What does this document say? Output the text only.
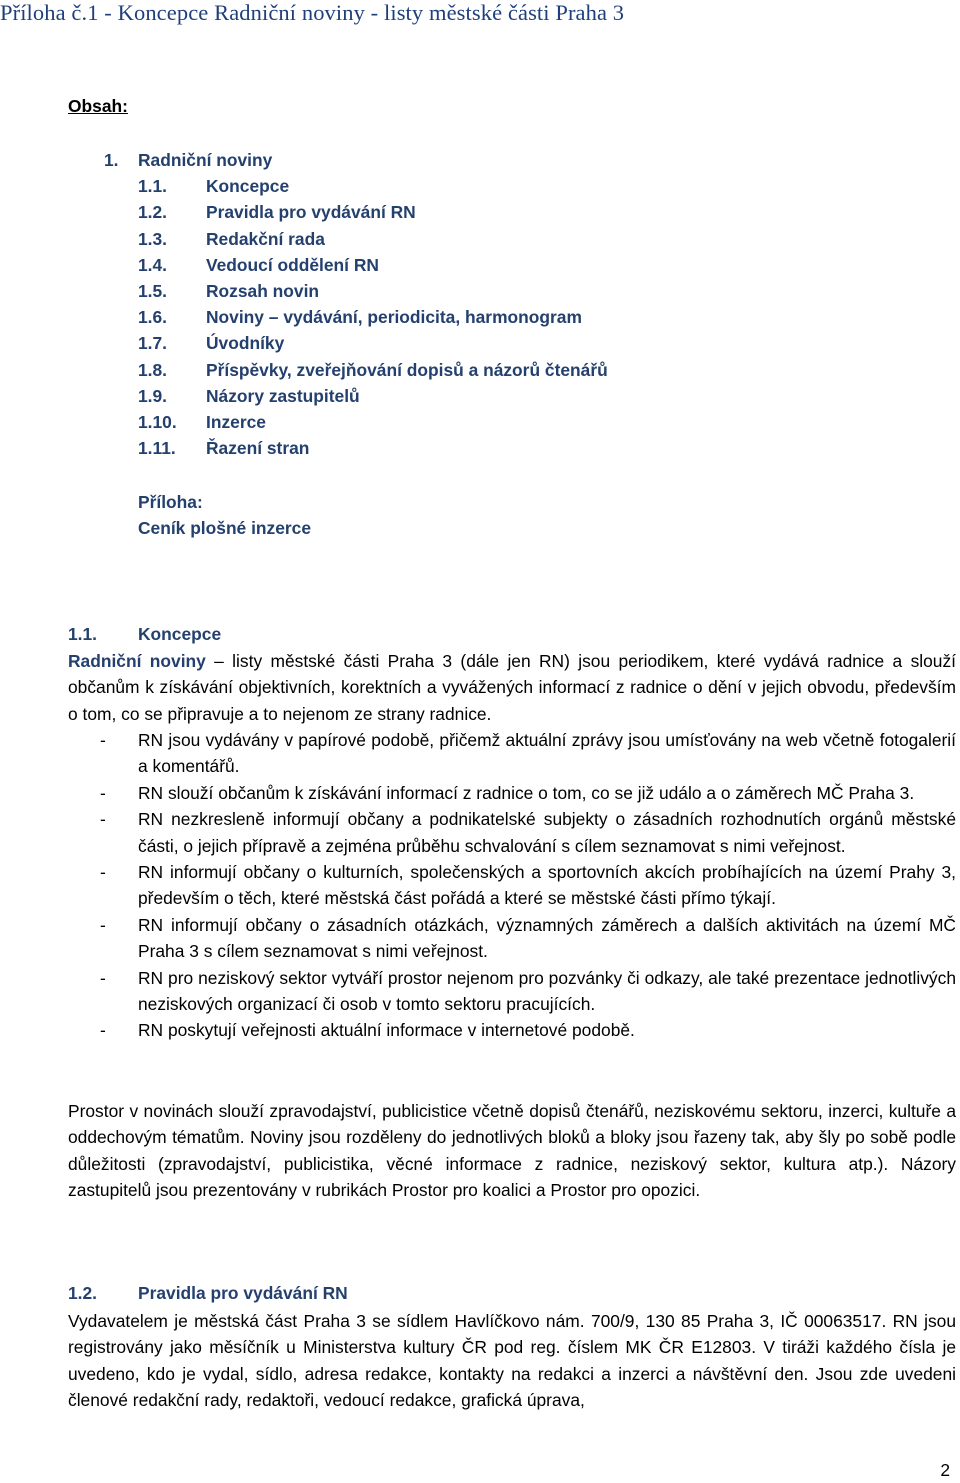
Příloha č.1 - Koncepce Radniční noviny - listy městské části Praha 3
Obsah:
1. Radniční noviny
1.1. Koncepce
1.2. Pravidla pro vydávání RN
1.3. Redakční rada
1.4. Vedoucí oddělení RN
1.5. Rozsah novin
1.6. Noviny – vydávání, periodicita, harmonogram
1.7. Úvodníky
1.8. Příspěvky, zveřejňování dopisů a názorů čtenářů
1.9. Názory zastupitelů
1.10. Inzerce
1.11. Řazení stran
Příloha:
Ceník plošné inzerce
1.1. Koncepce
Radniční noviny – listy městské části Praha 3 (dále jen RN) jsou periodikem, které vydává radnice a slouží občanům k získávání objektivních, korektních a vyvážených informací z radnice o dění v jejich obvodu, především o tom, co se připravuje a to nejenom ze strany radnice.
- RN jsou vydávány v papírové podobě, přičemž aktuální zprávy jsou umísťovány na web včetně fotogalerií a komentářů.
- RN slouží občanům k získávání informací z radnice o tom, co se již událo a o záměrech MČ Praha 3.
- RN nezkresleně informují občany a podnikatelské subjekty o zásadních rozhodnutích orgánů městské části, o jejich přípravě a zejména průběhu schvalování s cílem seznamovat s nimi veřejnost.
- RN informují občany o kulturních, společenských a sportovních akcích probíhajících na území Prahy 3, především o těch, které městská část pořádá a které se městské části přímo týkají.
- RN informují občany o zásadních otázkách, významných záměrech a dalších aktivitách na území MČ Praha 3 s cílem seznamovat s nimi veřejnost.
- RN pro neziskový sektor vytváří prostor nejenom pro pozvánky či odkazy, ale také prezentace jednotlivých neziskových organizací či osob v tomto sektoru pracujících.
- RN poskytují veřejnosti aktuální informace v internetové podobě.
Prostor v novinách slouží zpravodajství, publicistice včetně dopisů čtenářů, neziskovému sektoru, inzerci, kultuře a oddechovým tématům. Noviny jsou rozděleny do jednotlivých bloků a bloky jsou řazeny tak, aby šly po sobě podle důležitosti (zpravodajství, publicistika, věcné informace z radnice, neziskový sektor, kultura atp.). Názory zastupitelů jsou prezentovány v rubrikách Prostor pro koalici a Prostor pro opozici.
1.2. Pravidla pro vydávání RN
Vydavatelem je městská část Praha 3 se sídlem Havlíčkovo nám. 700/9, 130 85 Praha 3, IČ 00063517. RN jsou registrovány jako měsíčník u Ministerstva kultury ČR pod reg. číslem MK ČR E12803. V tiráži každého čísla je uvedeno, kdo je vydal, sídlo, adresa redakce, kontakty na redakci a inzerci a návštěvní den. Jsou zde uvedeni členové redakční rady, redaktoři, vedoucí redakce, grafická úprava,
2
